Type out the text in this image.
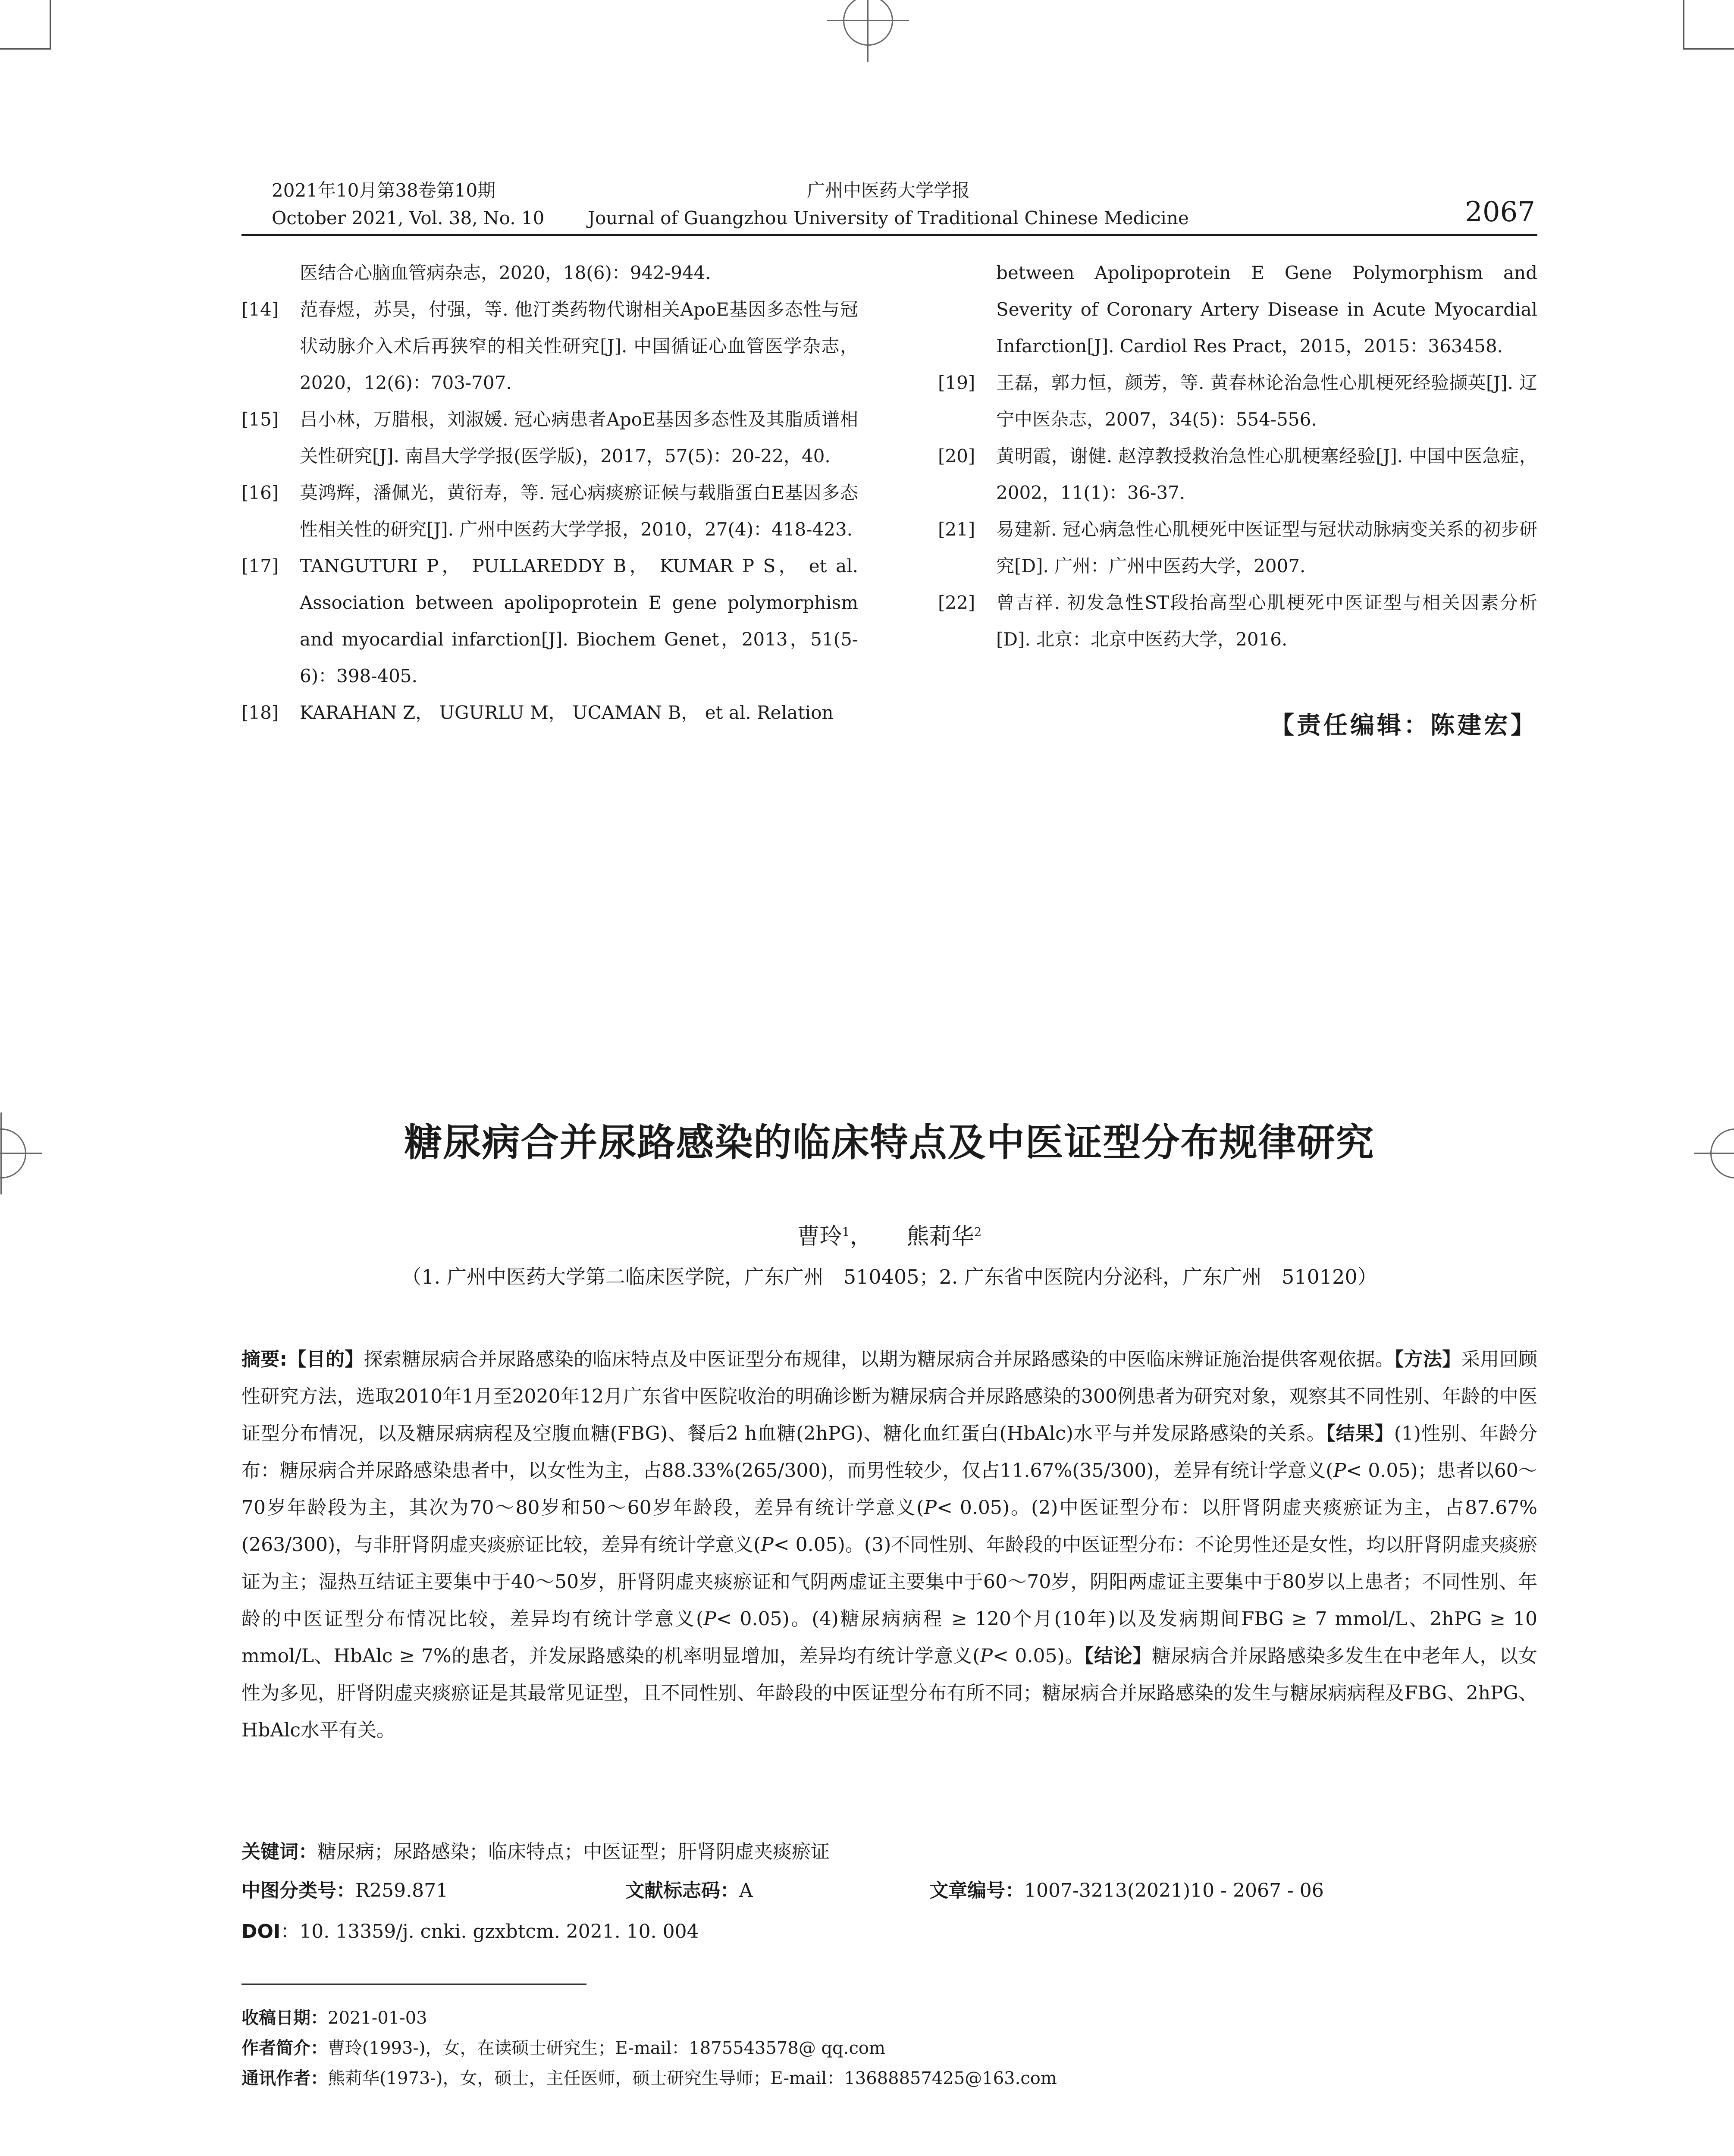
2021年10月第38卷第10期
October 2021, Vol. 38, No. 10
广州中医药大学学报
Journal of Guangzhou University of Traditional Chinese Medicine	2067
医结合心脑血管病杂志，2020，18(6)：942-944.
[14] 范春煜，苏昊，付强，等. 他汀类药物代谢相关ApoE基因多态性与冠状动脉介入术后再狭窄的相关性研究[J]. 中国循证心血管医学杂志，2020，12(6)：703-707.
[15] 吕小林，万腊根，刘淑媛. 冠心病患者ApoE基因多态性及其脂质谱相关性研究[J]. 南昌大学学报(医学版)，2017，57(5)：20-22，40.
[16] 莫鸿辉，潘佩光，黄衍寿，等. 冠心病痰瘀证候与载脂蛋白E基因多态性相关性的研究[J]. 广州中医药大学学报，2010，27(4)：418-423.
[17] TANGUTURI P， PULLAREDDY B， KUMAR P S， et al. Association between apolipoprotein E gene polymorphism and myocardial infarction[J]. Biochem Genet，2013，51(5-6)：398-405.
[18] KARAHAN Z， UGURLU M， UCAMAN B， et al. Relation
between Apolipoprotein E Gene Polymorphism and Severity of Coronary Artery Disease in Acute Myocardial Infarction[J]. Cardiol Res Pract，2015，2015：363458.
[19] 王磊，郭力恒，颜芳，等. 黄春林论治急性心肌梗死经验撷英[J]. 辽宁中医杂志，2007，34(5)：554-556.
[20] 黄明霞，谢健. 赵淳教授救治急性心肌梗塞经验[J]. 中国中医急症，2002，11(1)：36-37.
[21] 易建新. 冠心病急性心肌梗死中医证型与冠状动脉病变关系的初步研究[D]. 广州：广州中医药大学，2007.
[22] 曾吉祥. 初发急性ST段抬高型心肌梗死中医证型与相关因素分析[D]. 北京：北京中医药大学，2016.
【责任编辑：陈建宏】
糖尿病合并尿路感染的临床特点及中医证型分布规律研究
曹玲$^1$， 熊莉华$^2$
（1. 广州中医药大学第二临床医学院，广东广州　510405；2. 广东省中医院内分泌科，广东广州　510120）
摘要:【目的】探索糖尿病合并尿路感染的临床特点及中医证型分布规律，以期为糖尿病合并尿路感染的中医临床辨证施治提供客观依据。【方法】采用回顾性研究方法，选取2010年1月至2020年12月广东省中医院收治的明确诊断为糖尿病合并尿路感染的300例患者为研究对象，观察其不同性别、年龄的中医证型分布情况，以及糖尿病病程及空腹血糖(FBG)、餐后2 h血糖(2hPG)、糖化血红蛋白(HbAlc)水平与并发尿路感染的关系。【结果】(1)性别、年龄分布：糖尿病合并尿路感染患者中，以女性为主，占88.33%(265/300)，而男性较少，仅占11.67%(35/300)，差异有统计学意义(P< 0.05)；患者以60～70岁年龄段为主，其次为70～80岁和50～60岁年龄段，差异有统计学意义(P< 0.05)。(2)中医证型分布：以肝肾阴虚夹痰瘀证为主，占87.67%(263/300)，与非肝肾阴虚夹痰瘀证比较，差异有统计学意义(P< 0.05)。(3)不同性别、年龄段的中医证型分布：不论男性还是女性，均以肝肾阴虚夹痰瘀证为主；湿热互结证主要集中于40～50岁，肝肾阴虚夹痰瘀证和气阴两虚证主要集中于60～70岁，阴阳两虚证主要集中于80岁以上患者；不同性别、年龄的中医证型分布情况比较，差异均有统计学意义(P< 0.05)。(4)糖尿病病程 ≥ 120个月(10年)以及发病期间FBG ≥ 7 mmol/L、2hPG ≥ 10 mmol/L、HbAlc ≥ 7%的患者，并发尿路感染的机率明显增加，差异均有统计学意义(P< 0.05)。【结论】糖尿病合并尿路感染多发生在中老年人，以女性为多见，肝肾阴虚夹痰瘀证是其最常见证型，且不同性别、年龄段的中医证型分布有所不同；糖尿病合并尿路感染的发生与糖尿病病程及FBG、2hPG、HbAlc水平有关。
关键词：糖尿病；尿路感染；临床特点；中医证型；肝肾阴虚夹痰瘀证
中图分类号：R259.871	文献标志码：A	文章编号：1007-3213(2021)10 - 2067 - 06
DOI：10. 13359/j. cnki. gzxbtcm. 2021. 10. 004
收稿日期：2021-01-03
作者简介：曹玲(1993-)，女，在读硕士研究生；E-mail：1875543578@ qq.com
通讯作者：熊莉华(1973-)，女，硕士，主任医师，硕士研究生导师；E-mail：13688857425@163.com
